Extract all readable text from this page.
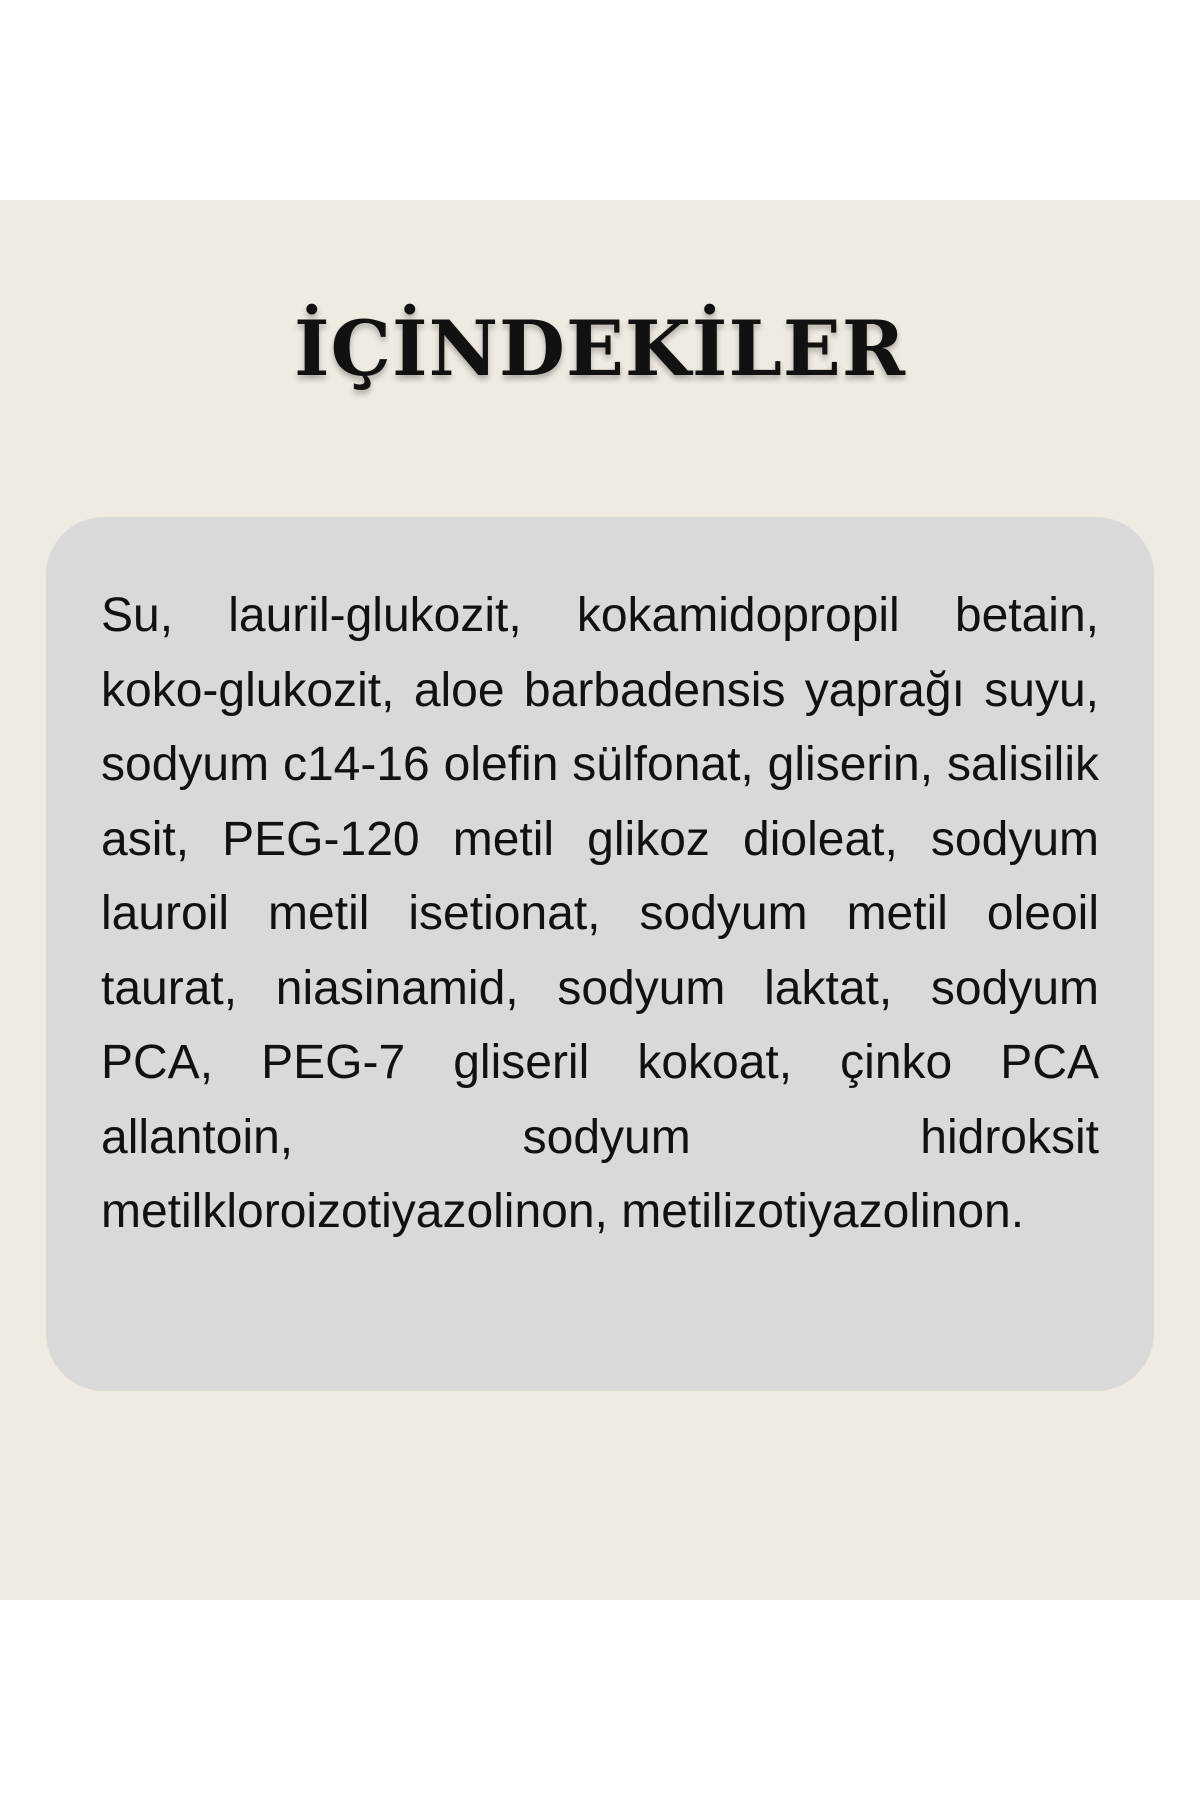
İÇİNDEKİLER

Su, lauril-glukozit, kokamidopropil betain, koko-glukozit, aloe barbadensis yaprağı suyu, sodyum c14-16 olefin sülfonat, gliserin, salisilik asit, PEG-120 metil glikoz dioleat, sodyum lauroil metil isetionat, sodyum metil oleoil taurat, niasinamid, sodyum laktat, sodyum PCA, PEG-7 gliseril kokoat, çinko PCA allantoin, sodyum hidroksit metilkloroizotiyazolinon, metilizotiyazolinon.
